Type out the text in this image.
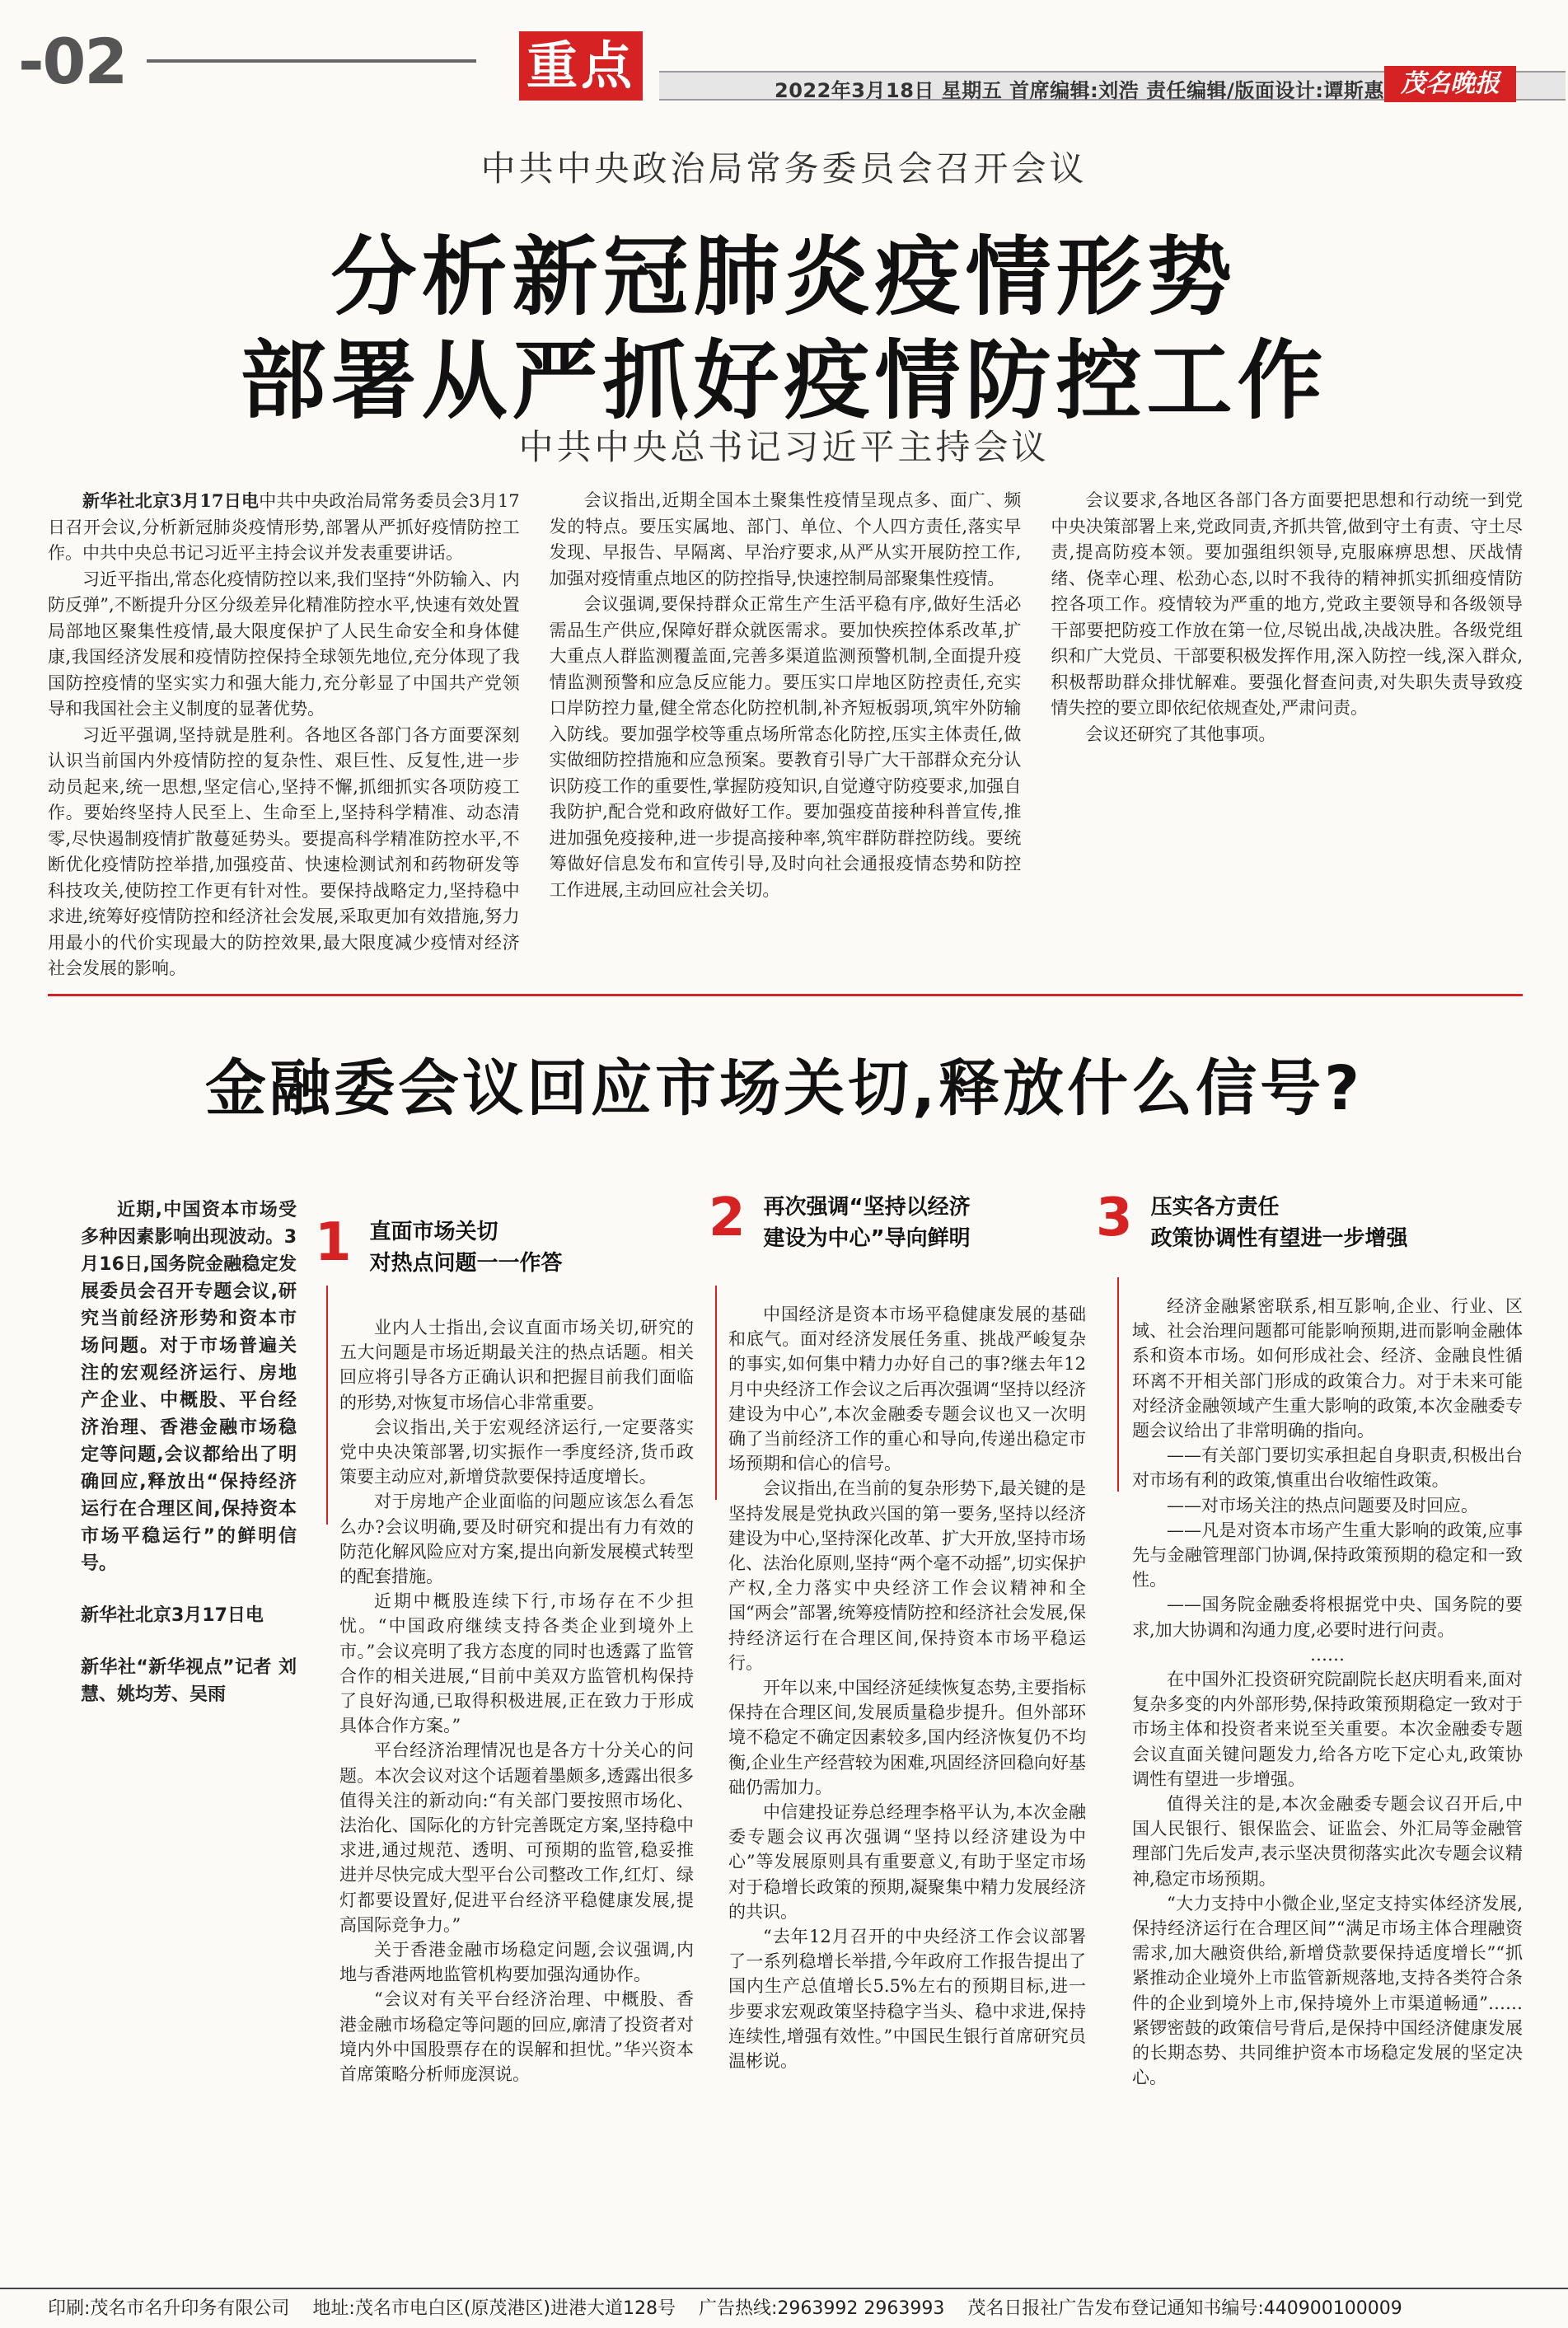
-02	重点	2022年3月18日 星期五 首席编辑:刘浩 责任编辑/版面设计:谭斯惠 茂名晚报
中共中央政治局常务委员会召开会议
分析新冠肺炎疫情形势
部署从严抓好疫情防控工作
中共中央总书记习近平主持会议

新华社北京3月17日电中共中央政治局常务委员会3月17日召开会议,分析新冠肺炎疫情形势,部署从严抓好疫情防控工作。中共中央总书记习近平主持会议并发表重要讲话。

习近平指出,常态化疫情防控以来,我们坚持“外防输入、内防反弹”,不断提升分区分级差异化精准防控水平,快速有效处置局部地区聚集性疫情,最大限度保护了人民生命安全和身体健康,我国经济发展和疫情防控保持全球领先地位,充分体现了我国防控疫情的坚实实力和强大能力,充分彰显了中国共产党领导和我国社会主义制度的显著优势。

习近平强调,坚持就是胜利。各地区各部门各方面要深刻认识当前国内外疫情防控的复杂性、艰巨性、反复性,进一步动员起来,统一思想,坚定信心,坚持不懈,抓细抓实各项防疫工作。要始终坚持人民至上、生命至上,坚持科学精准、动态清零,尽快遏制疫情扩散蔓延势头。要提高科学精准防控水平,不断优化疫情防控举措,加强疫苗、快速检测试剂和药物研发等科技攻关,使防控工作更有针对性。要保持战略定力,坚持稳中求进,统筹好疫情防控和经济社会发展,采取更加有效措施,努力用最小的代价实现最大的防控效果,最大限度减少疫情对经济社会发展的影响。

会议指出,近期全国本土聚集性疫情呈现点多、面广、频发的特点。要压实属地、部门、单位、个人四方责任,落实早发现、早报告、早隔离、早治疗要求,从严从实开展防控工作,加强对疫情重点地区的防控指导,快速控制局部聚集性疫情。

会议强调,要保持群众正常生产生活平稳有序,做好生活必需品生产供应,保障好群众就医需求。要加快疾控体系改革,扩大重点人群监测覆盖面,完善多渠道监测预警机制,全面提升疫情监测预警和应急反应能力。要压实口岸地区防控责任,充实口岸防控力量,健全常态化防控机制,补齐短板弱项,筑牢外防输入防线。要加强学校等重点场所常态化防控,压实主体责任,做实做细防控措施和应急预案。要教育引导广大干部群众充分认识防疫工作的重要性,掌握防疫知识,自觉遵守防疫要求,加强自我防护,配合党和政府做好工作。要加强疫苗接种科普宣传,推进加强免疫接种,进一步提高接种率,筑牢群防群控防线。要统筹做好信息发布和宣传引导,及时向社会通报疫情态势和防控工作进展,主动回应社会关切。

会议要求,各地区各部门各方面要把思想和行动统一到党中央决策部署上来,党政同责,齐抓共管,做到守土有责、守土尽责,提高防疫本领。要加强组织领导,克服麻痹思想、厌战情绪、侥幸心理、松劲心态,以时不我待的精神抓实抓细疫情防控各项工作。疫情较为严重的地方,党政主要领导和各级领导干部要把防疫工作放在第一位,尽锐出战,决战决胜。各级党组织和广大党员、干部要积极发挥作用,深入防控一线,深入群众,积极帮助群众排忧解难。要强化督查问责,对失职失责导致疫情失控的要立即依纪依规查处,严肃问责。

会议还研究了其他事项。

金融委会议回应市场关切,释放什么信号?

近期,中国资本市场受多种因素影响出现波动。3月16日,国务院金融稳定发展委员会召开专题会议,研究当前经济形势和资本市场问题。对于市场普遍关注的宏观经济运行、房地产企业、中概股、平台经济治理、香港金融市场稳定等问题,会议都给出了明确回应,释放出“保持经济运行在合理区间,保持资本市场平稳运行”的鲜明信号。

新华社北京3月17日电

新华社“新华视点”记者 刘慧、姚均芳、吴雨

1 直面市场关切
对热点问题一一作答

业内人士指出,会议直面市场关切,研究的五大问题是市场近期最关注的热点话题。相关回应将引导各方正确认识和把握目前我们面临的形势,对恢复市场信心非常重要。

会议指出,关于宏观经济运行,一定要落实党中央决策部署,切实振作一季度经济,货币政策要主动应对,新增贷款要保持适度增长。

对于房地产企业面临的问题应该怎么看怎么办?会议明确,要及时研究和提出有力有效的防范化解风险应对方案,提出向新发展模式转型的配套措施。

近期中概股连续下行,市场存在不少担忧。“中国政府继续支持各类企业到境外上市。”会议亮明了我方态度的同时也透露了监管合作的相关进展,“目前中美双方监管机构保持了良好沟通,已取得积极进展,正在致力于形成具体合作方案。”

平台经济治理情况也是各方十分关心的问题。本次会议对这个话题着墨颇多,透露出很多值得关注的新动向:“有关部门要按照市场化、法治化、国际化的方针完善既定方案,坚持稳中求进,通过规范、透明、可预期的监管,稳妥推进并尽快完成大型平台公司整改工作,红灯、绿灯都要设置好,促进平台经济平稳健康发展,提高国际竞争力。”

关于香港金融市场稳定问题,会议强调,内地与香港两地监管机构要加强沟通协作。

“会议对有关平台经济治理、中概股、香港金融市场稳定等问题的回应,廓清了投资者对境内外中国股票存在的误解和担忧。”华兴资本首席策略分析师庞溟说。

2 再次强调“坚持以经济
建设为中心”导向鲜明

中国经济是资本市场平稳健康发展的基础和底气。面对经济发展任务重、挑战严峻复杂的事实,如何集中精力办好自己的事?继去年12月中央经济工作会议之后再次强调“坚持以经济建设为中心”,本次金融委专题会议也又一次明确了当前经济工作的重心和导向,传递出稳定市场预期和信心的信号。

会议指出,在当前的复杂形势下,最关键的是坚持发展是党执政兴国的第一要务,坚持以经济建设为中心,坚持深化改革、扩大开放,坚持市场化、法治化原则,坚持“两个毫不动摇”,切实保护产权,全力落实中央经济工作会议精神和全国“两会”部署,统筹疫情防控和经济社会发展,保持经济运行在合理区间,保持资本市场平稳运行。

开年以来,中国经济延续恢复态势,主要指标保持在合理区间,发展质量稳步提升。但外部环境不稳定不确定因素较多,国内经济恢复仍不均衡,企业生产经营较为困难,巩固经济回稳向好基础仍需加力。

中信建投证券总经理李格平认为,本次金融委专题会议再次强调“坚持以经济建设为中心”等发展原则具有重要意义,有助于坚定市场对于稳增长政策的预期,凝聚集中精力发展经济的共识。

“去年12月召开的中央经济工作会议部署了一系列稳增长举措,今年政府工作报告提出了国内生产总值增长5.5%左右的预期目标,进一步要求宏观政策坚持稳字当头、稳中求进,保持连续性,增强有效性。”中国民生银行首席研究员温彬说。

3 压实各方责任
政策协调性有望进一步增强

经济金融紧密联系,相互影响,企业、行业、区域、社会治理问题都可能影响预期,进而影响金融体系和资本市场。如何形成社会、经济、金融良性循环离不开相关部门形成的政策合力。对于未来可能对经济金融领域产生重大影响的政策,本次金融委专题会议给出了非常明确的指向。

——有关部门要切实承担起自身职责,积极出台对市场有利的政策,慎重出台收缩性政策。

——对市场关注的热点问题要及时回应。

——凡是对资本市场产生重大影响的政策,应事先与金融管理部门协调,保持政策预期的稳定和一致性。

——国务院金融委将根据党中央、国务院的要求,加大协调和沟通力度,必要时进行问责。

……

在中国外汇投资研究院副院长赵庆明看来,面对复杂多变的内外部形势,保持政策预期稳定一致对于市场主体和投资者来说至关重要。本次金融委专题会议直面关键问题发力,给各方吃下定心丸,政策协调性有望进一步增强。

值得关注的是,本次金融委专题会议召开后,中国人民银行、银保监会、证监会、外汇局等金融管理部门先后发声,表示坚决贯彻落实此次专题会议精神,稳定市场预期。

“大力支持中小微企业,坚定支持实体经济发展,保持经济运行在合理区间”“满足市场主体合理融资需求,加大融资供给,新增贷款要保持适度增长”“抓紧推动企业境外上市监管新规落地,支持各类符合条件的企业到境外上市,保持境外上市渠道畅通”……紧锣密鼓的政策信号背后,是保持中国经济健康发展的长期态势、共同维护资本市场稳定发展的坚定决心。

印刷:茂名市名升印务有限公司 地址:茂名市电白区(原茂港区)进港大道128号 广告热线:2963992 2963993 茂名日报社广告发布登记通知书编号:440900100009
